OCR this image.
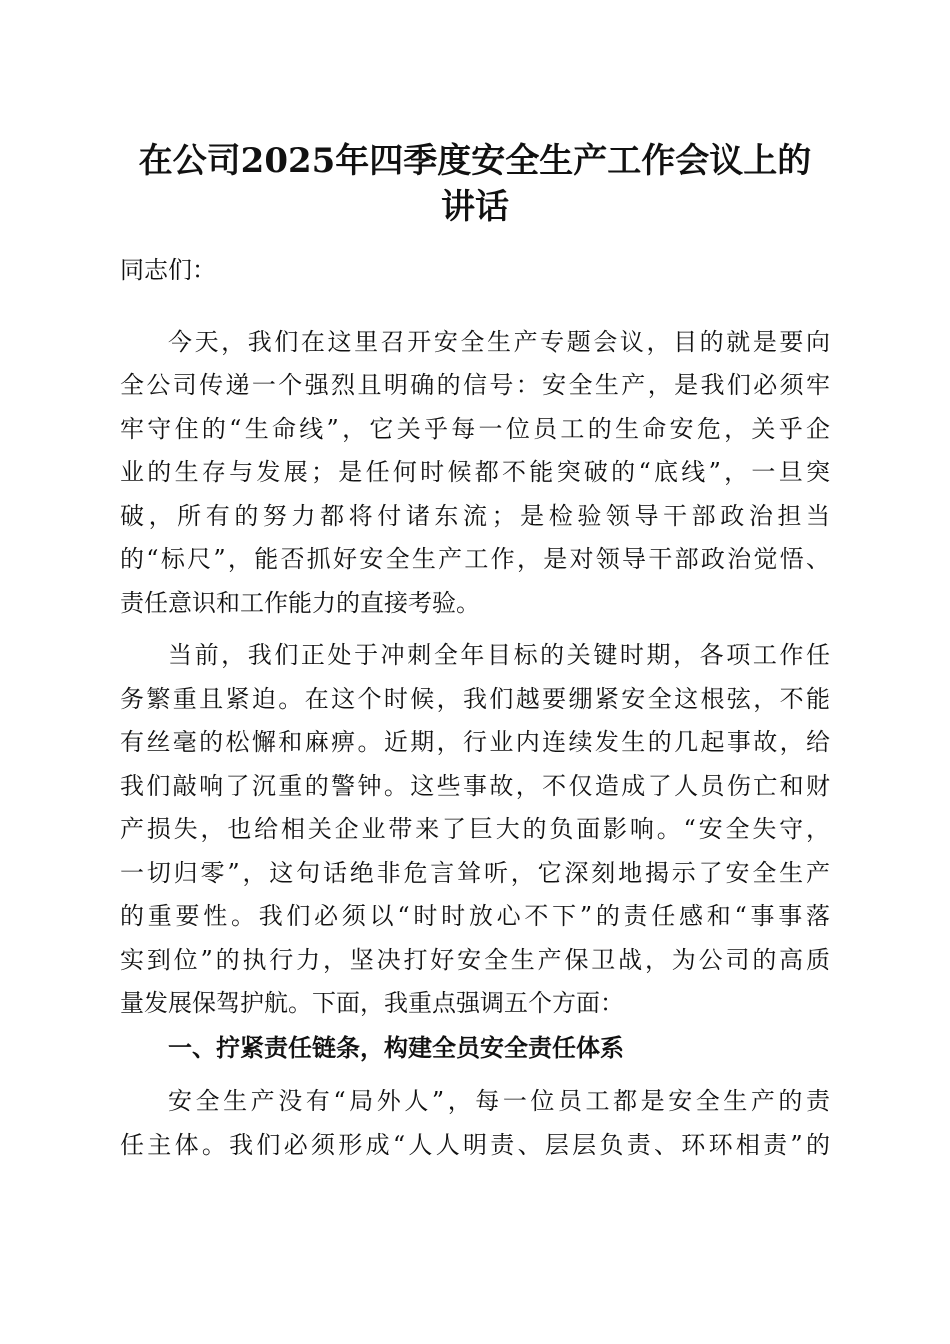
在公司2025年四季度安全生产工作会议上的
讲话
同志们：
今天，我们在这里召开安全生产专题会议，目的就是要向
全公司传递一个强烈且明确的信号：安全生产，是我们必须牢
牢守住的“生命线”，它关乎每一位员工的生命安危，关乎企
业的生存与发展；是任何时候都不能突破的“底线”，一旦突
破，所有的努力都将付诸东流；是检验领导干部政治担当
的“标尺”，能否抓好安全生产工作，是对领导干部政治觉悟、
责任意识和工作能力的直接考验。
当前，我们正处于冲刺全年目标的关键时期，各项工作任
务繁重且紧迫。在这个时候，我们越要绷紧安全这根弦，不能
有丝毫的松懈和麻痹。近期，行业内连续发生的几起事故，给
我们敲响了沉重的警钟。这些事故，不仅造成了人员伤亡和财
产损失，也给相关企业带来了巨大的负面影响。“安全失守，
一切归零”，这句话绝非危言耸听，它深刻地揭示了安全生产
的重要性。我们必须以“时时放心不下”的责任感和“事事落
实到位”的执行力，坚决打好安全生产保卫战，为公司的高质
量发展保驾护航。下面，我重点强调五个方面：
一、拧紧责任链条，构建全员安全责任体系
安全生产没有“局外人”，每一位员工都是安全生产的责
任主体。我们必须形成“人人明责、层层负责、环环相责”的
